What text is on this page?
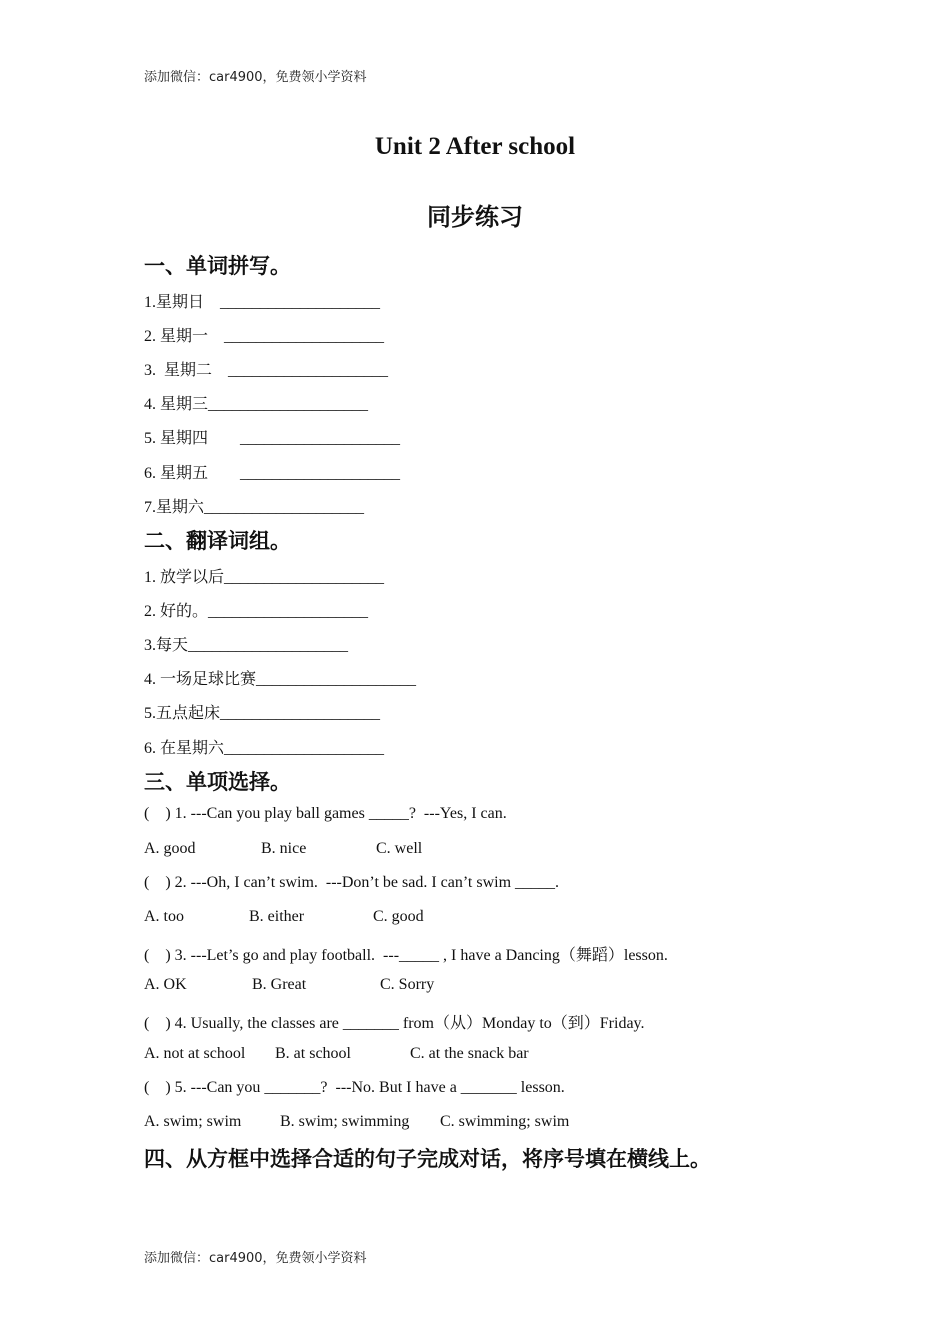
添加微信：car4900，免费领小学资料
Unit 2 After school
同步练习
一、单词拼写。
1.星期日    ____________________
2. 星期一    ____________________
3.  星期二    ____________________
4. 星期三____________________
5. 星期四        ____________________
6. 星期五        ____________________
7.星期六____________________
二、翻译词组。
1. 放学以后____________________
2. 好的。____________________
3.每天____________________
4. 一场足球比赛____________________
5.五点起床____________________
6. 在星期六____________________
三、单项选择。
(    ) 1. ---Can you play ball games _____?  ---Yes, I can.
A. good	B. nice	C. well
(    ) 2. ---Oh, I can’t swim.  ---Don’t be sad. I can’t swim _____.
A. too	B. either	C. good
(    ) 3. ---Let’s go and play football.  ---_____ , I have a Dancing（舞蹈）lesson.
A. OK	B. Great	C. Sorry
(    ) 4. Usually, the classes are _______ from（从）Monday to（到）Friday.
A. not at school B. at school	C. at the snack bar
(    ) 5. ---Can you _______?  ---No. But I have a _______ lesson.
A. swim; swim B. swim; swimming C. swimming; swim
四、从方框中选择合适的句子完成对话，将序号填在横线上。
添加微信：car4900，免费领小学资料
